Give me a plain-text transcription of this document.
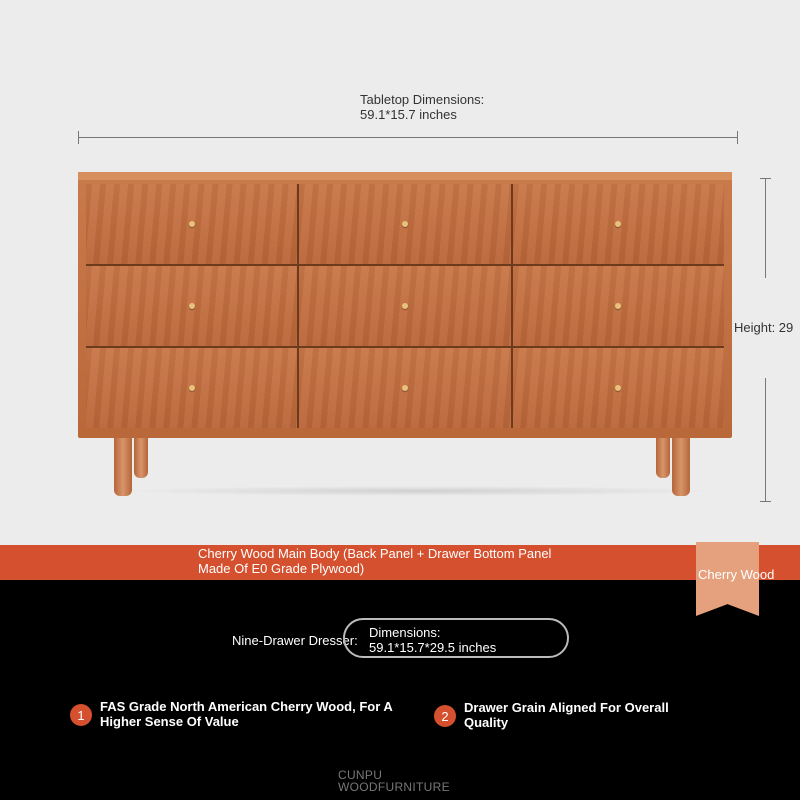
Tabletop Dimensions:
59.1*15.7 inches
Height: 29
Cherry Wood Main Body (Back Panel + Drawer Bottom Panel
Made Of E0 Grade Plywood)	Cherry Wood
Nine-Drawer Dresser:
Dimensions:
59.1*15.7*29.5 inches
1
FAS Grade North American Cherry Wood, For A
Higher Sense Of Value	2
Drawer Grain Aligned For Overall
Quality
CUNPU
WOODFURNITURE
